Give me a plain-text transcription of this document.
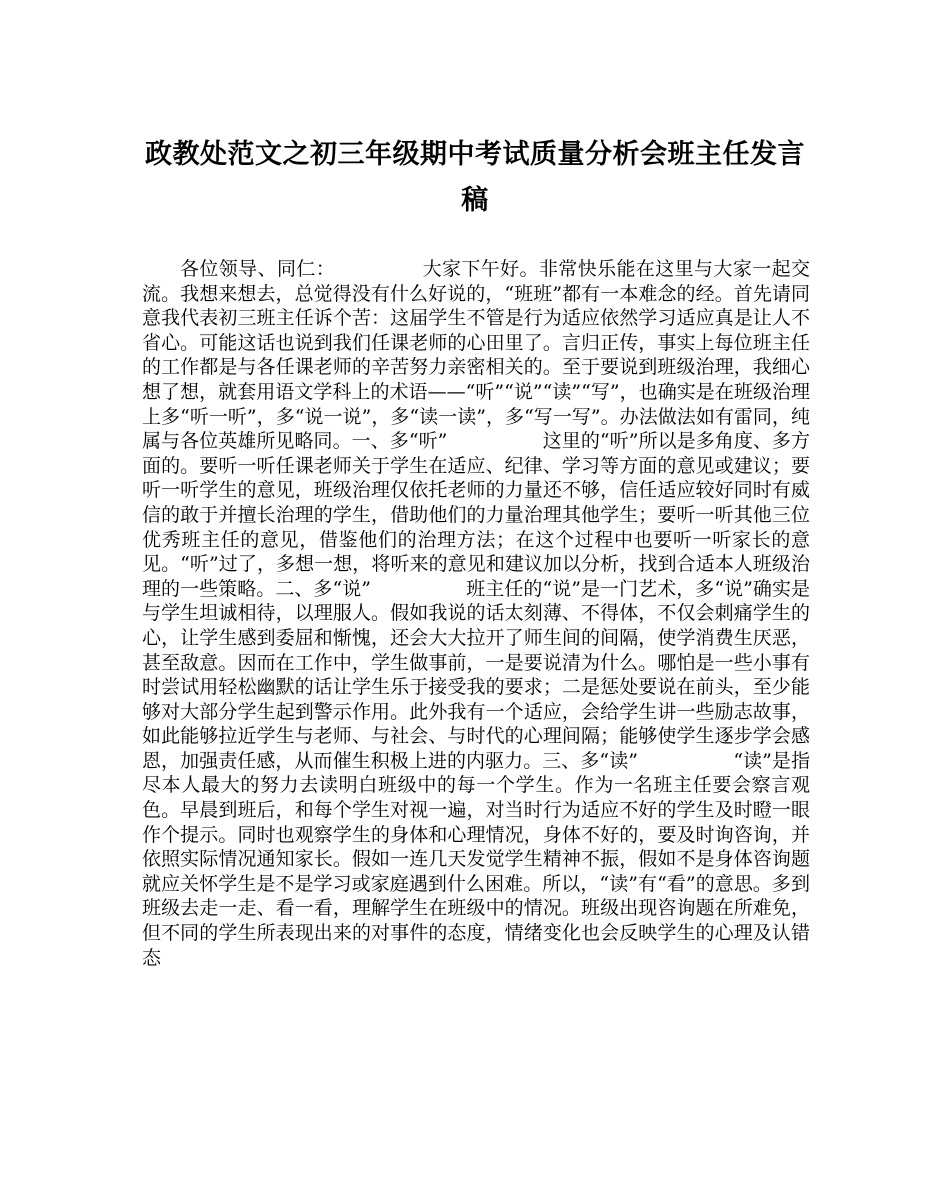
政教处范文之初三年级期中考试质量分析会班主任发言稿

各位领导、同仁：　　　　　大家下午好。非常快乐能在这里与大家一起交流。我想来想去，总觉得没有什么好说的，“班班”都有一本难念的经。首先请同意我代表初三班主任诉个苦：这届学生不管是行为适应依然学习适应真是让人不省心。可能这话也说到我们任课老师的心田里了。言归正传，事实上每位班主任的工作都是与各任课老师的辛苦努力亲密相关的。至于要说到班级治理，我细心想了想，就套用语文学科上的术语——“听”“说”“读”“写”，也确实是在班级治理上多“听一听”，多“说一说”，多“读一读”，多“写一写”。办法做法如有雷同，纯属与各位英雄所见略同。一、多“听”　　　　　这里的“听”所以是多角度、多方面的。要听一听任课老师关于学生在适应、纪律、学习等方面的意见或建议；要听一听学生的意见，班级治理仅依托老师的力量还不够，信任适应较好同时有威信的敢于并擅长治理的学生，借助他们的力量治理其他学生；要听一听其他三位优秀班主任的意见，借鉴他们的治理方法；在这个过程中也要听一听家长的意见。“听”过了，多想一想，将听来的意见和建议加以分析，找到合适本人班级治理的一些策略。二、多“说”　　　　　班主任的“说”是一门艺术，多“说”确实是与学生坦诚相待，以理服人。假如我说的话太刻薄、不得体，不仅会刺痛学生的心，让学生感到委屈和惭愧，还会大大拉开了师生间的间隔，使学消费生厌恶，甚至敌意。因而在工作中，学生做事前，一是要说清为什么。哪怕是一些小事有时尝试用轻松幽默的话让学生乐于接受我的要求；二是惩处要说在前头，至少能够对大部分学生起到警示作用。此外我有一个适应，会给学生讲一些励志故事，如此能够拉近学生与老师、与社会、与时代的心理间隔；能够使学生逐步学会感恩，加强责任感，从而催生积极上进的内驱力。三、多“读”　　　　　“读”是指尽本人最大的努力去读明白班级中的每一个学生。作为一名班主任要会察言观色。早晨到班后，和每个学生对视一遍，对当时行为适应不好的学生及时瞪一眼作个提示。同时也观察学生的身体和心理情况，身体不好的，要及时询咨询，并依照实际情况通知家长。假如一连几天发觉学生精神不振，假如不是身体咨询题就应关怀学生是不是学习或家庭遇到什么困难。所以，“读”有“看”的意思。多到班级去走一走、看一看，理解学生在班级中的情况。班级出现咨询题在所难免，但不同的学生所表现出来的对事件的态度，情绪变化也会反映学生的心理及认错态
